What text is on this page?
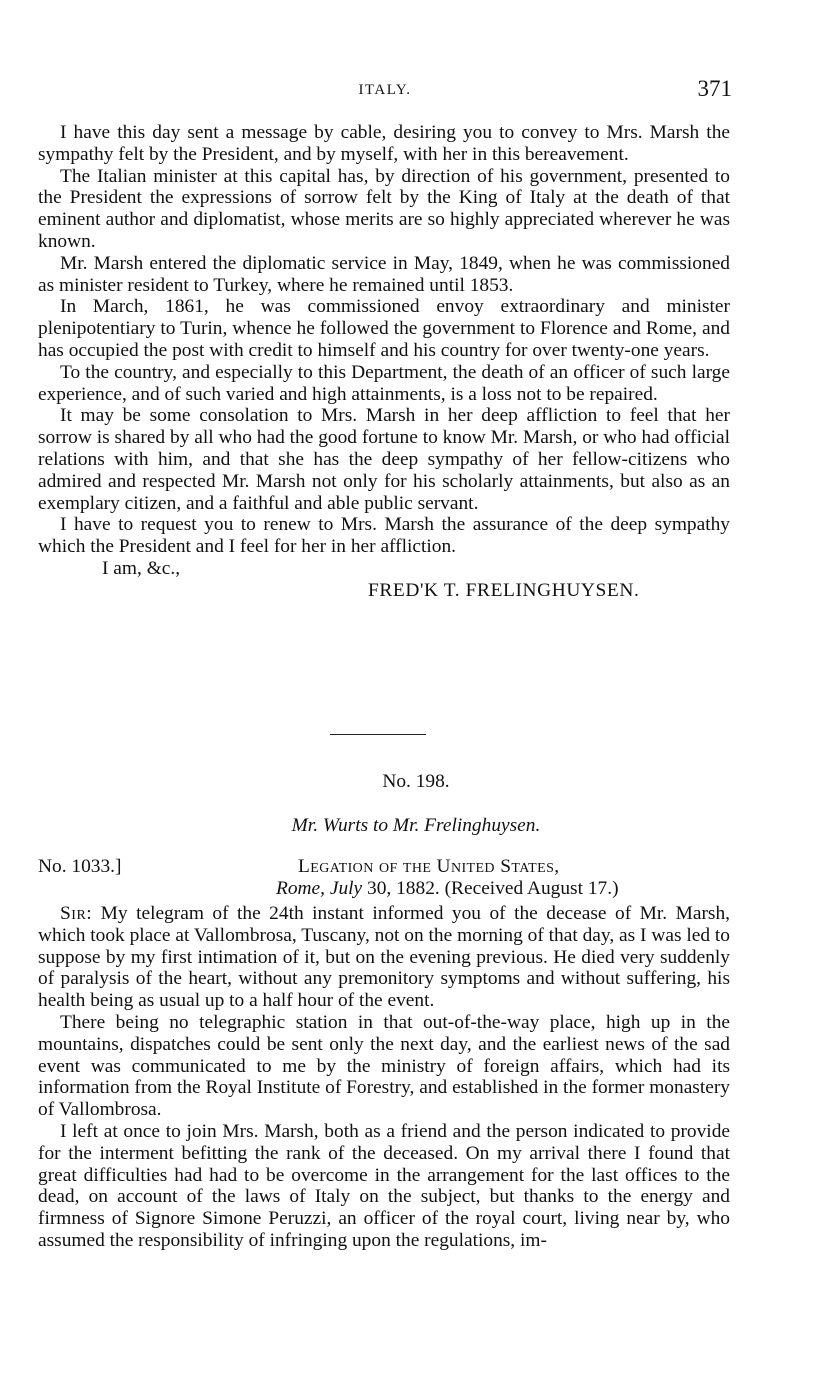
ITALY.	371

I have this day sent a message by cable, desiring you to convey to Mrs. Marsh the sympathy felt by the President, and by myself, with her in this bereavement.

The Italian minister at this capital has, by direction of his government, presented to the President the expressions of sorrow felt by the King of Italy at the death of that eminent author and diplomatist, whose merits are so highly appreciated wherever he was known.

Mr. Marsh entered the diplomatic service in May, 1849, when he was commissioned as minister resident to Turkey, where he remained until 1853.

In March, 1861, he was commissioned envoy extraordinary and minister plenipotentiary to Turin, whence he followed the government to Florence and Rome, and has occupied the post with credit to himself and his country for over twenty-one years.

To the country, and especially to this Department, the death of an officer of such large experience, and of such varied and high attainments, is a loss not to be repaired.

It may be some consolation to Mrs. Marsh in her deep affliction to feel that her sorrow is shared by all who had the good fortune to know Mr. Marsh, or who had official relations with him, and that she has the deep sympathy of her fellow-citizens who admired and respected Mr. Marsh not only for his scholarly attainments, but also as an exemplary citizen, and a faithful and able public servant.

I have to request you to renew to Mrs. Marsh the assurance of the deep sympathy which the President and I feel for her in her affliction.

I am, &c.,

FRED'K T. FRELINGHUYSEN.

No. 198.
Mr. Wurts to Mr. Frelinghuysen.
No. 1033.]	Legation of the United States,
Rome, July 30, 1882. (Received August 17.)

Sir: My telegram of the 24th instant informed you of the decease of Mr. Marsh, which took place at Vallombrosa, Tuscany, not on the morning of that day, as I was led to suppose by my first intimation of it, but on the evening previous. He died very suddenly of paralysis of the heart, without any premonitory symptoms and without suffering, his health being as usual up to a half hour of the event.

There being no telegraphic station in that out-of-the-way place, high up in the mountains, dispatches could be sent only the next day, and the earliest news of the sad event was communicated to me by the ministry of foreign affairs, which had its information from the Royal Institute of Forestry, and established in the former monastery of Vallombrosa.

I left at once to join Mrs. Marsh, both as a friend and the person indicated to provide for the interment befitting the rank of the deceased. On my arrival there I found that great difficulties had had to be overcome in the arrangement for the last offices to the dead, on account of the laws of Italy on the subject, but thanks to the energy and firmness of Signore Simone Peruzzi, an officer of the royal court, living near by, who assumed the responsibility of infringing upon the regulations, im-
